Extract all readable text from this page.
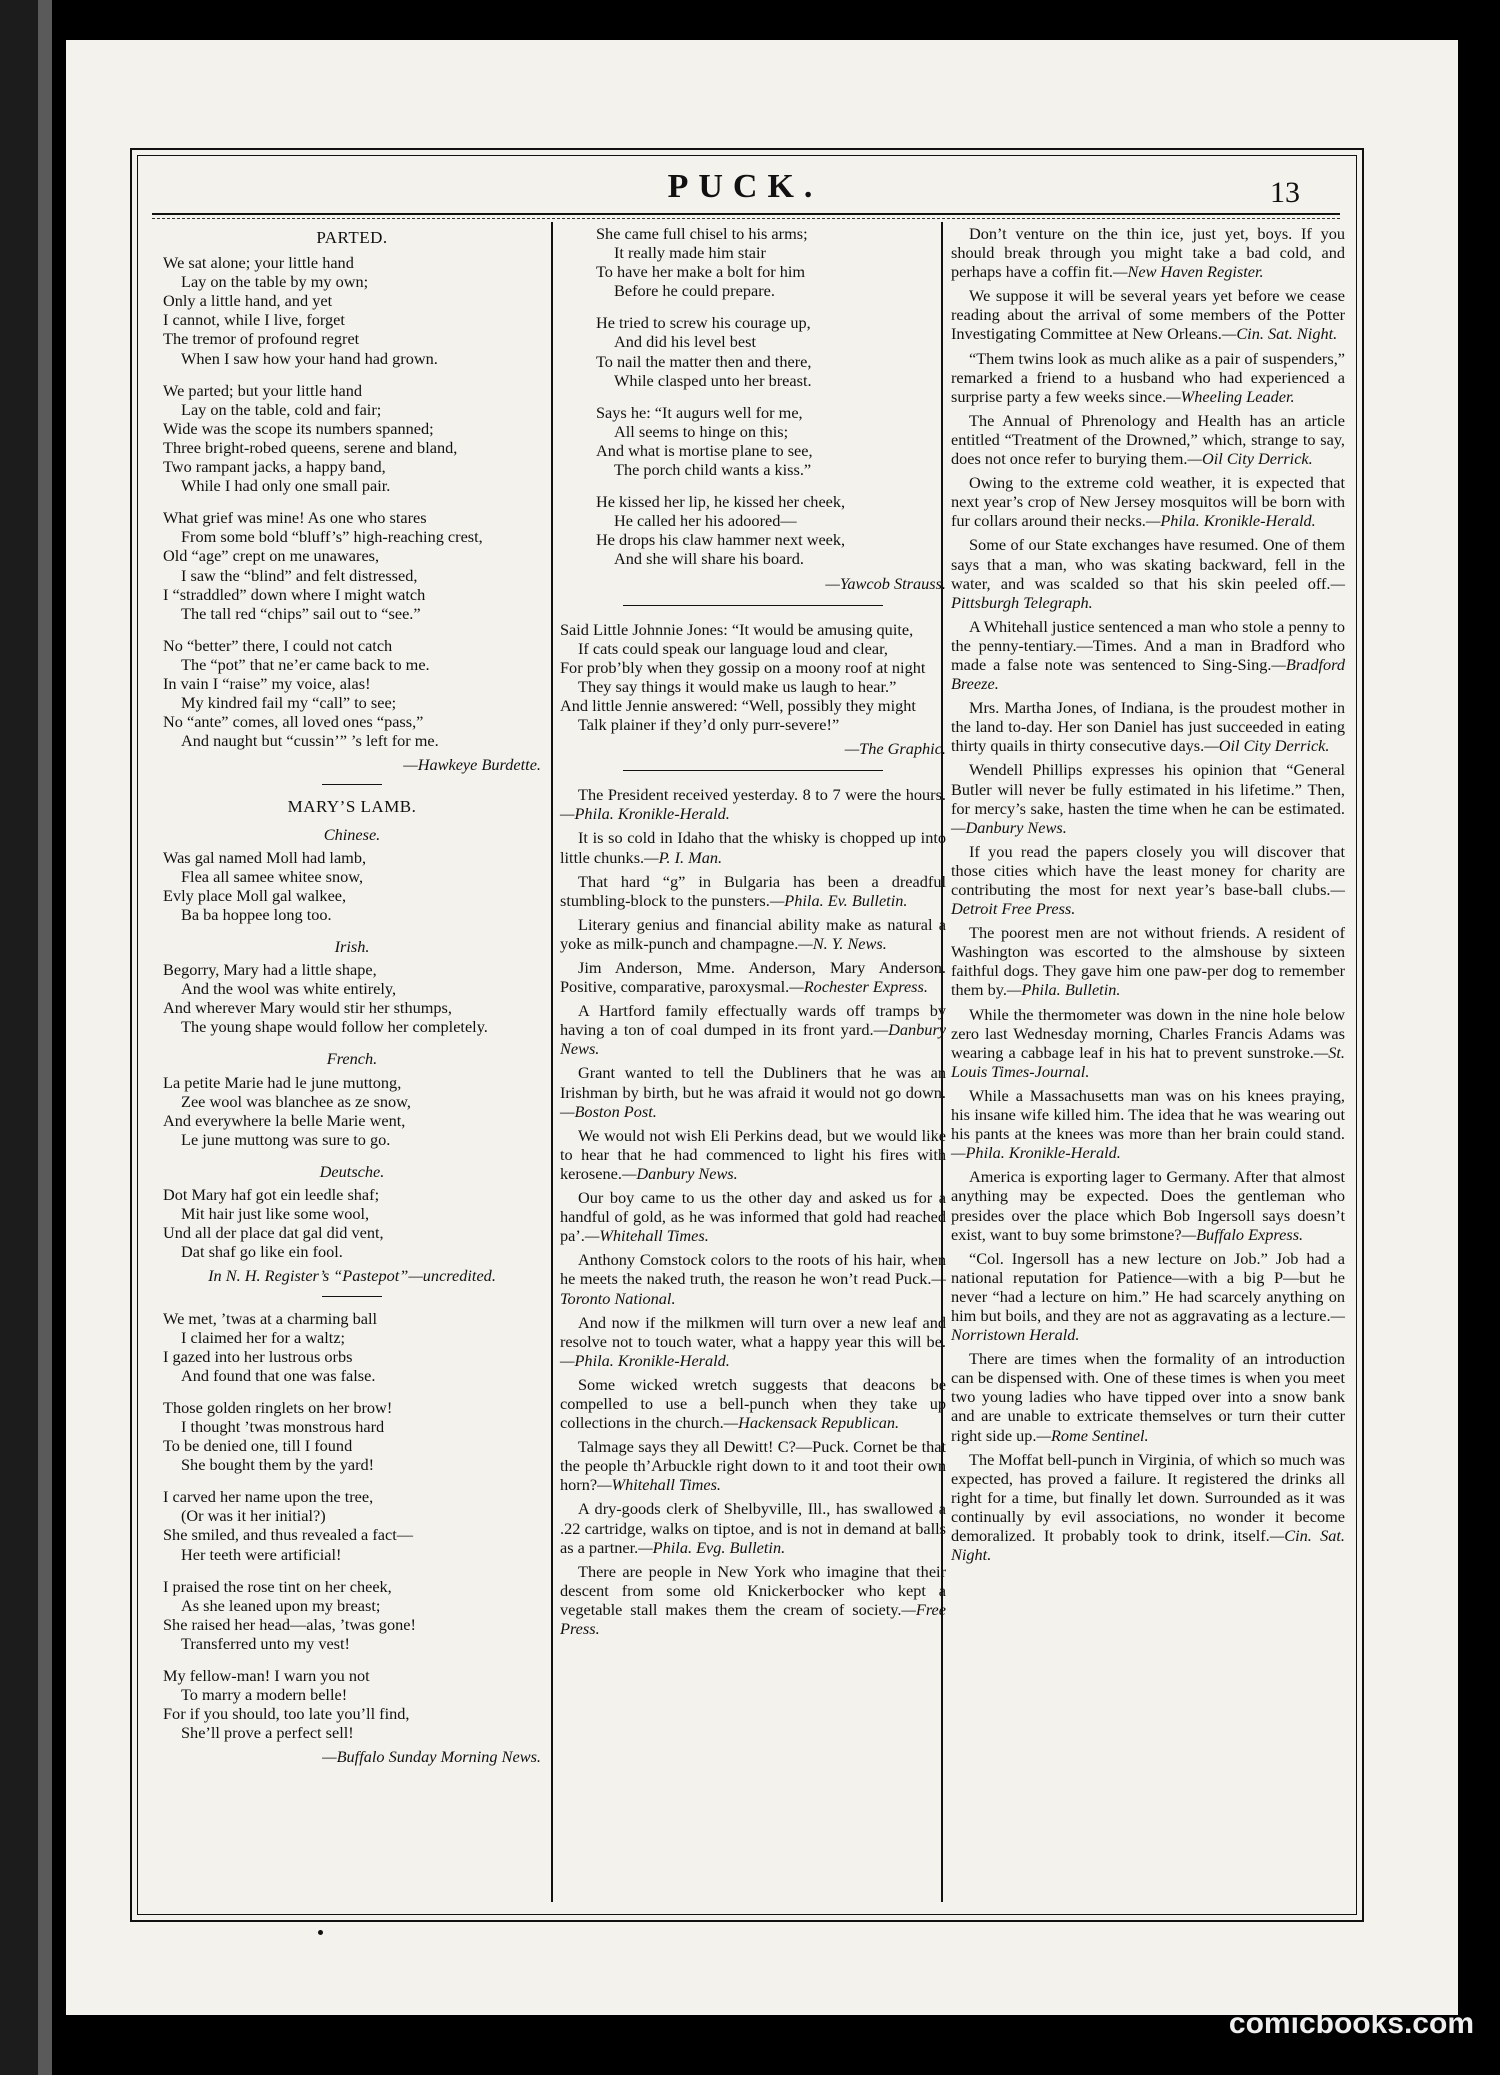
PUCK.	13
PARTED.

We sat alone; your little hand
Lay on the table by my own;
Only a little hand, and yet
I cannot, while I live, forget
The tremor of profound regret
When I saw how your hand had grown.

We parted; but your little hand
Lay on the table, cold and fair;
Wide was the scope its numbers spanned;
Three bright-robed queens, serene and bland,
Two rampant jacks, a happy band,
While I had only one small pair.

What grief was mine! As one who stares
From some bold “bluff’s” high-reaching crest,
Old “age” crept on me unawares,
I saw the “blind” and felt distressed,
I “straddled” down where I might watch
The tall red “chips” sail out to “see.”

No “better” there, I could not catch
The “pot” that ne’er came back to me.
In vain I “raise” my voice, alas!
My kindred fail my “call” to see;
No “ante” comes, all loved ones “pass,”
And naught but “cussin’” ’s left for me.

—Hawkeye Burdette.
MARY’S LAMB.
Chinese.

Was gal named Moll had lamb,
Flea all samee whitee snow,
Evly place Moll gal walkee,
Ba ba hoppee long too.

Irish.

Begorry, Mary had a little shape,
And the wool was white entirely,
And wherever Mary would stir her sthumps,
The young shape would follow her completely.

French.

La petite Marie had le june muttong,
Zee wool was blanchee as ze snow,
And everywhere la belle Marie went,
Le june muttong was sure to go.

Deutsche.

Dot Mary haf got ein leedle shaf;
Mit hair just like some wool,
Und all der place dat gal did vent,
Dat shaf go like ein fool.

In N. H. Register’s “Pastepot”—uncredited.

We met, ’twas at a charming ball
I claimed her for a waltz;
I gazed into her lustrous orbs
And found that one was false.

Those golden ringlets on her brow!
I thought ’twas monstrous hard
To be denied one, till I found
She bought them by the yard!

I carved her name upon the tree,
(Or was it her initial?)
She smiled, and thus revealed a fact—
Her teeth were artificial!

I praised the rose tint on her cheek,
As she leaned upon my breast;
She raised her head—alas, ’twas gone!
Transferred unto my vest!

My fellow-man! I warn you not
To marry a modern belle!
For if you should, too late you’ll find,
She’ll prove a perfect sell!

—Buffalo Sunday Morning News.

She came full chisel to his arms;
It really made him stair
To have her make a bolt for him
Before he could prepare.

He tried to screw his courage up,
And did his level best
To nail the matter then and there,
While clasped unto her breast.

Says he: “It augurs well for me,
All seems to hinge on this;
And what is mortise plane to see,
The porch child wants a kiss.”

He kissed her lip, he kissed her cheek,
He called her his adoored—
He drops his claw hammer next week,
And she will share his board.

—Yawcob Strauss.

Said Little Johnnie Jones: “It would be amusing quite,
If cats could speak our language loud and clear,
For prob’bly when they gossip on a moony roof at night
They say things it would make us laugh to hear.”
And little Jennie answered: “Well, possibly they might
Talk plainer if they’d only purr-severe!”

—The Graphic.

The President received yesterday. 8 to 7 were the hours.—Phila. Kronikle-Herald.

It is so cold in Idaho that the whisky is chopped up into little chunks.—P. I. Man.

That hard “g” in Bulgaria has been a dreadful stumbling-block to the punsters.—Phila. Ev. Bulletin.

Literary genius and financial ability make as natural a yoke as milk-punch and champagne.—N. Y. News.

Jim Anderson, Mme. Anderson, Mary Anderson. Positive, comparative, paroxysmal.—Rochester Express.

A Hartford family effectually wards off tramps by having a ton of coal dumped in its front yard.—Danbury News.

Grant wanted to tell the Dubliners that he was an Irishman by birth, but he was afraid it would not go down.—Boston Post.

We would not wish Eli Perkins dead, but we would like to hear that he had commenced to light his fires with kerosene.—Danbury News.

Our boy came to us the other day and asked us for a handful of gold, as he was informed that gold had reached pa’.—Whitehall Times.

Anthony Comstock colors to the roots of his hair, when he meets the naked truth, the reason he won’t read Puck.—Toronto National.

And now if the milkmen will turn over a new leaf and resolve not to touch water, what a happy year this will be.—Phila. Kronikle-Herald.

Some wicked wretch suggests that deacons be compelled to use a bell-punch when they take up collections in the church.—Hackensack Republican.

Talmage says they all Dewitt! C?—Puck. Cornet be that the people th’Arbuckle right down to it and toot their own horn?—Whitehall Times.

A dry-goods clerk of Shelbyville, Ill., has swallowed a .22 cartridge, walks on tiptoe, and is not in demand at balls as a partner.—Phila. Evg. Bulletin.

There are people in New York who imagine that their descent from some old Knickerbocker who kept a vegetable stall makes them the cream of society.—Free Press.

Don’t venture on the thin ice, just yet, boys. If you should break through you might take a bad cold, and perhaps have a coffin fit.—New Haven Register.

We suppose it will be several years yet before we cease reading about the arrival of some members of the Potter Investigating Committee at New Orleans.—Cin. Sat. Night.

“Them twins look as much alike as a pair of suspenders,” remarked a friend to a husband who had experienced a surprise party a few weeks since.—Wheeling Leader.

The Annual of Phrenology and Health has an article entitled “Treatment of the Drowned,” which, strange to say, does not once refer to burying them.—Oil City Derrick.

Owing to the extreme cold weather, it is expected that next year’s crop of New Jersey mosquitos will be born with fur collars around their necks.—Phila. Kronikle-Herald.

Some of our State exchanges have resumed. One of them says that a man, who was skating backward, fell in the water, and was scalded so that his skin peeled off.—Pittsburgh Telegraph.

A Whitehall justice sentenced a man who stole a penny to the penny-tentiary.—Times. And a man in Bradford who made a false note was sentenced to Sing-Sing.—Bradford Breeze.

Mrs. Martha Jones, of Indiana, is the proudest mother in the land to-day. Her son Daniel has just succeeded in eating thirty quails in thirty consecutive days.—Oil City Derrick.

Wendell Phillips expresses his opinion that “General Butler will never be fully estimated in his lifetime.” Then, for mercy’s sake, hasten the time when he can be estimated.—Danbury News.

If you read the papers closely you will discover that those cities which have the least money for charity are contributing the most for next year’s base-ball clubs.—Detroit Free Press.

The poorest men are not without friends. A resident of Washington was escorted to the almshouse by sixteen faithful dogs. They gave him one paw-per dog to remember them by.—Phila. Bulletin.

While the thermometer was down in the nine hole below zero last Wednesday morning, Charles Francis Adams was wearing a cabbage leaf in his hat to prevent sunstroke.—St. Louis Times-Journal.

While a Massachusetts man was on his knees praying, his insane wife killed him. The idea that he was wearing out his pants at the knees was more than her brain could stand.—Phila. Kronikle-Herald.

America is exporting lager to Germany. After that almost anything may be expected. Does the gentleman who presides over the place which Bob Ingersoll says doesn’t exist, want to buy some brimstone?—Buffalo Express.

“Col. Ingersoll has a new lecture on Job.” Job had a national reputation for Patience—with a big P—but he never “had a lecture on him.” He had scarcely anything on him but boils, and they are not as aggravating as a lecture.—Norristown Herald.

There are times when the formality of an introduction can be dispensed with. One of these times is when you meet two young ladies who have tipped over into a snow bank and are unable to extricate themselves or turn their cutter right side up.—Rome Sentinel.

The Moffat bell-punch in Virginia, of which so much was expected, has proved a failure. It registered the drinks all right for a time, but finally let down. Surrounded as it was continually by evil associations, no wonder it become demoralized. It probably took to drink, itself.—Cin. Sat. Night.

comicbooks.com
